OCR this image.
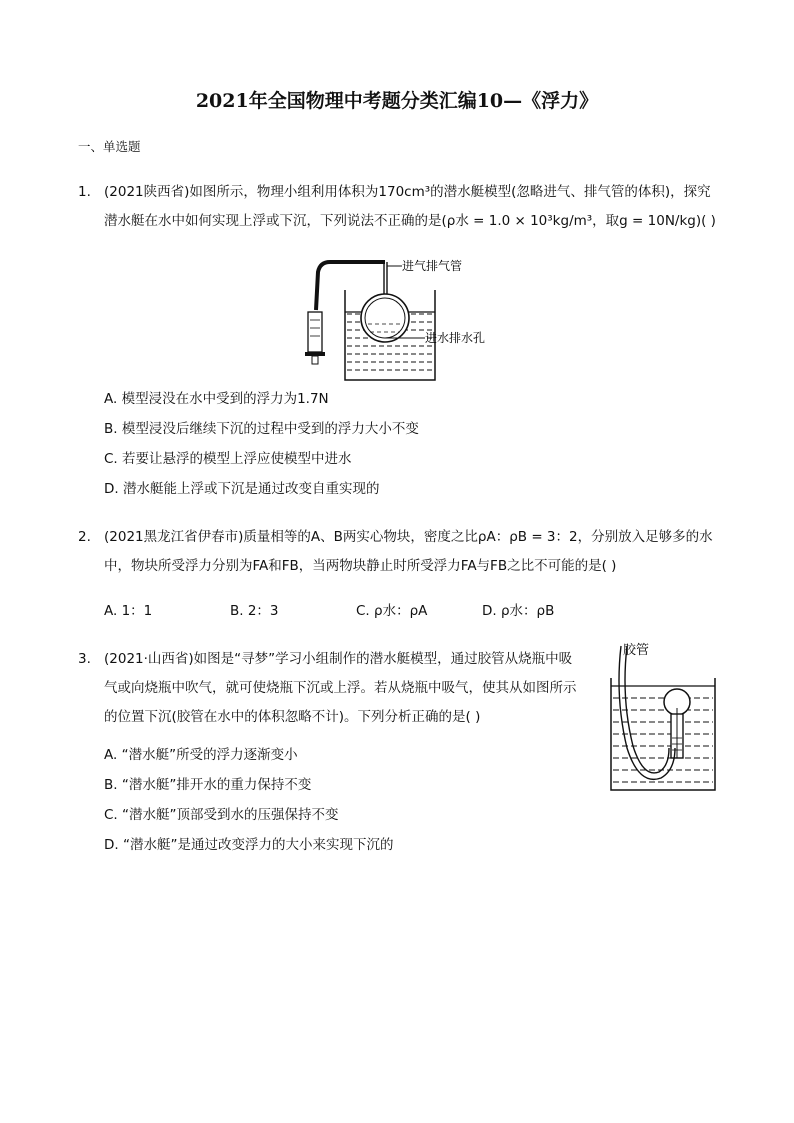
2021年全国物理中考题分类汇编10—《浮力》
一、单选题
1. (2021陕西省)如图所示，物理小组利用体积为170cm³的潜水艇模型(忽略进气、排气管的体积)，探究
潜水艇在水中如何实现上浮或下沉，下列说法不正确的是(ρ水 = 1.0 × 10³kg/m³，取g = 10N/kg)( )
进气排气管
进水排水孔
A. 模型浸没在水中受到的浮力为1.7N
B. 模型浸没后继续下沉的过程中受到的浮力大小不变
C. 若要让悬浮的模型上浮应使模型中进水
D. 潜水艇能上浮或下沉是通过改变自重实现的
2. (2021黑龙江省伊春市)质量相等的A、B两实心物块，密度之比ρA：ρB = 3：2，分别放入足够多的水
中，物块所受浮力分别为FA和FB，当两物块静止时所受浮力FA与FB之比不可能的是( )
A. 1：1	B. 2：3	C. ρ水：ρA	D. ρ水：ρB
3. (2021·山西省)如图是“寻梦”学习小组制作的潜水艇模型，通过胶管从烧瓶中吸
气或向烧瓶中吹气，就可使烧瓶下沉或上浮。若从烧瓶中吸气，使其从如图所示
的位置下沉(胶管在水中的体积忽略不计)。下列分析正确的是( )
A. “潜水艇”所受的浮力逐渐变小
B. “潜水艇”排开水的重力保持不变
C. “潜水艇”顶部受到水的压强保持不变
D. “潜水艇”是通过改变浮力的大小来实现下沉的
胶管
